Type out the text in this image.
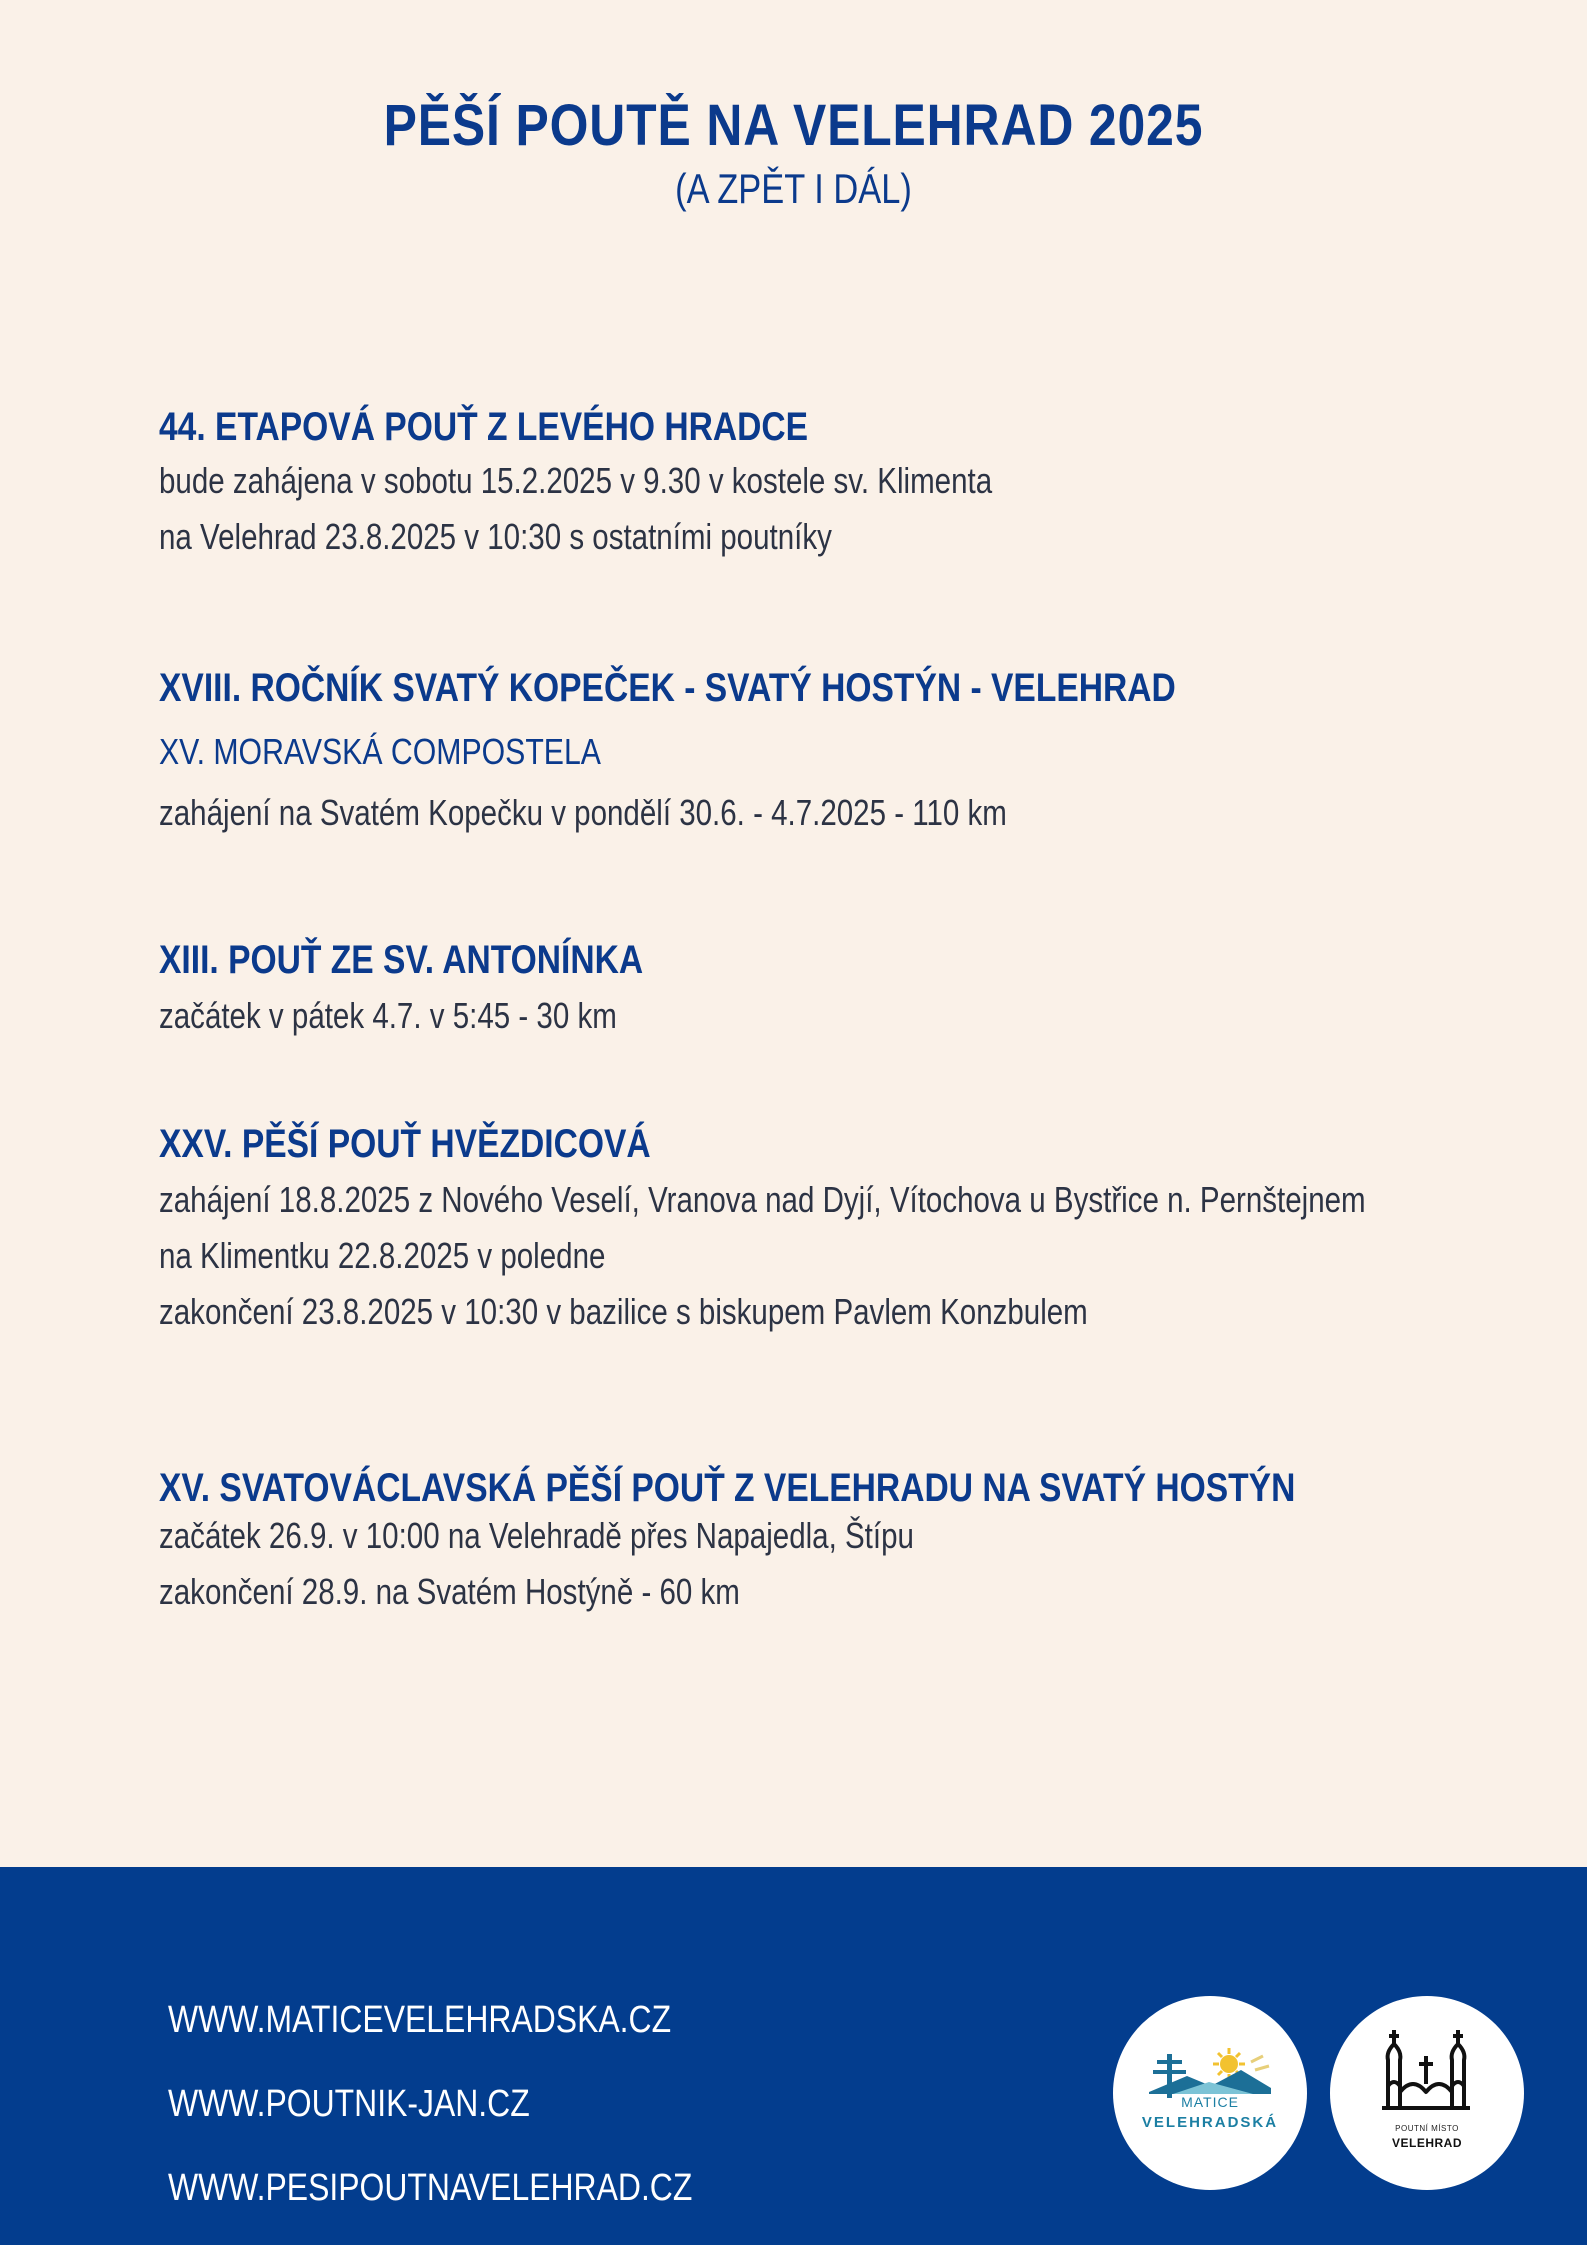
PĚŠÍ POUTĚ NA VELEHRAD 2025
(A ZPĚT I DÁL)
44. ETAPOVÁ POUŤ Z LEVÉHO HRADCE
bude zahájena v sobotu 15.2.2025 v 9.30 v kostele sv. Klimenta
na Velehrad 23.8.2025 v 10:30 s ostatními poutníky
XVIII. ROČNÍK SVATÝ KOPEČEK - SVATÝ HOSTÝN - VELEHRAD
XV. MORAVSKÁ COMPOSTELA
zahájení na Svatém Kopečku v pondělí 30.6. - 4.7.2025 - 110 km
XIII. POUŤ ZE SV. ANTONÍNKA
začátek v pátek 4.7. v 5:45 - 30 km
XXV. PĚŠÍ POUŤ HVĚZDICOVÁ
zahájení 18.8.2025 z Nového Veselí, Vranova nad Dyjí, Vítochova u Bystřice n. Pernštejnem
na Klimentku 22.8.2025 v poledne
zakončení 23.8.2025 v 10:30 v bazilice s biskupem Pavlem Konzbulem
XV. SVATOVÁCLAVSKÁ PĚŠÍ POUŤ Z VELEHRADU NA SVATÝ HOSTÝN
začátek 26.9. v 10:00 na Velehradě přes Napajedla, Štípu
zakončení 28.9. na Svatém Hostýně - 60 km
WWW.MATICEVELEHRADSKA.CZ
WWW.POUTNIK-JAN.CZ
WWW.PESIPOUTNAVELEHRAD.CZ
MATICE
VELEHRADSKÁ	POUTNÍ MÍSTO
VELEHRAD
